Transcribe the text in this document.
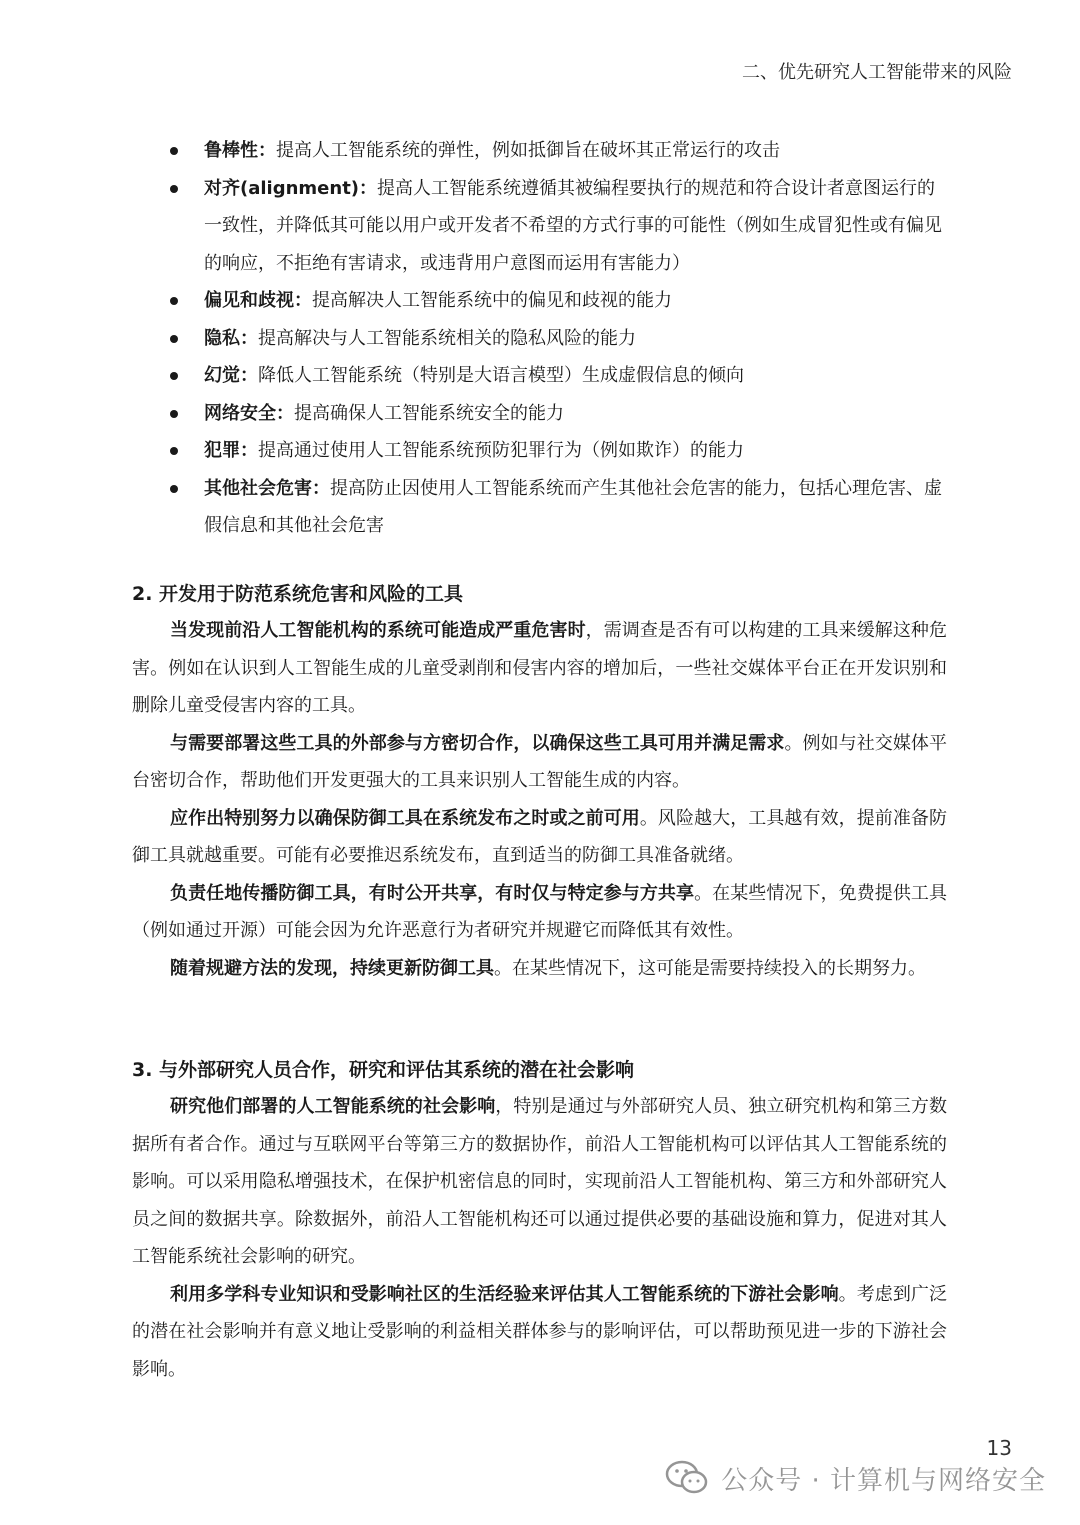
二、优先研究人工智能带来的风险
鲁棒性：提高人工智能系统的弹性，例如抵御旨在破坏其正常运行的攻击
对齐(alignment)：提高人工智能系统遵循其被编程要执行的规范和符合设计者意图运行的一致性，并降低其可能以用户或开发者不希望的方式行事的可能性（例如生成冒犯性或有偏见的响应，不拒绝有害请求，或违背用户意图而运用有害能力）
偏见和歧视：提高解决人工智能系统中的偏见和歧视的能力
隐私：提高解决与人工智能系统相关的隐私风险的能力
幻觉：降低人工智能系统（特别是大语言模型）生成虚假信息的倾向
网络安全：提高确保人工智能系统安全的能力
犯罪：提高通过使用人工智能系统预防犯罪行为（例如欺诈）的能力
其他社会危害：提高防止因使用人工智能系统而产生其他社会危害的能力，包括心理危害、虚假信息和其他社会危害
2. 开发用于防范系统危害和风险的工具

当发现前沿人工智能机构的系统可能造成严重危害时，需调查是否有可以构建的工具来缓解这种危害。例如在认识到人工智能生成的儿童受剥削和侵害内容的增加后，一些社交媒体平台正在开发识别和删除儿童受侵害内容的工具。

与需要部署这些工具的外部参与方密切合作，以确保这些工具可用并满足需求。例如与社交媒体平台密切合作，帮助他们开发更强大的工具来识别人工智能生成的内容。

应作出特别努力以确保防御工具在系统发布之时或之前可用。风险越大，工具越有效，提前准备防御工具就越重要。可能有必要推迟系统发布，直到适当的防御工具准备就绪。

负责任地传播防御工具，有时公开共享，有时仅与特定参与方共享。在某些情况下，免费提供工具（例如通过开源）可能会因为允许恶意行为者研究并规避它而降低其有效性。

随着规避方法的发现，持续更新防御工具。在某些情况下，这可能是需要持续投入的长期努力。

3. 与外部研究人员合作，研究和评估其系统的潜在社会影响

研究他们部署的人工智能系统的社会影响，特别是通过与外部研究人员、独立研究机构和第三方数据所有者合作。通过与互联网平台等第三方的数据协作，前沿人工智能机构可以评估其人工智能系统的影响。可以采用隐私增强技术，在保护机密信息的同时，实现前沿人工智能机构、第三方和外部研究人员之间的数据共享。除数据外，前沿人工智能机构还可以通过提供必要的基础设施和算力，促进对其人工智能系统社会影响的研究。

利用多学科专业知识和受影响社区的生活经验来评估其人工智能系统的下游社会影响。考虑到广泛的潜在社会影响并有意义地让受影响的利益相关群体参与的影响评估，可以帮助预见进一步的下游社会影响。

13
公众号 · 计算机与网络安全
